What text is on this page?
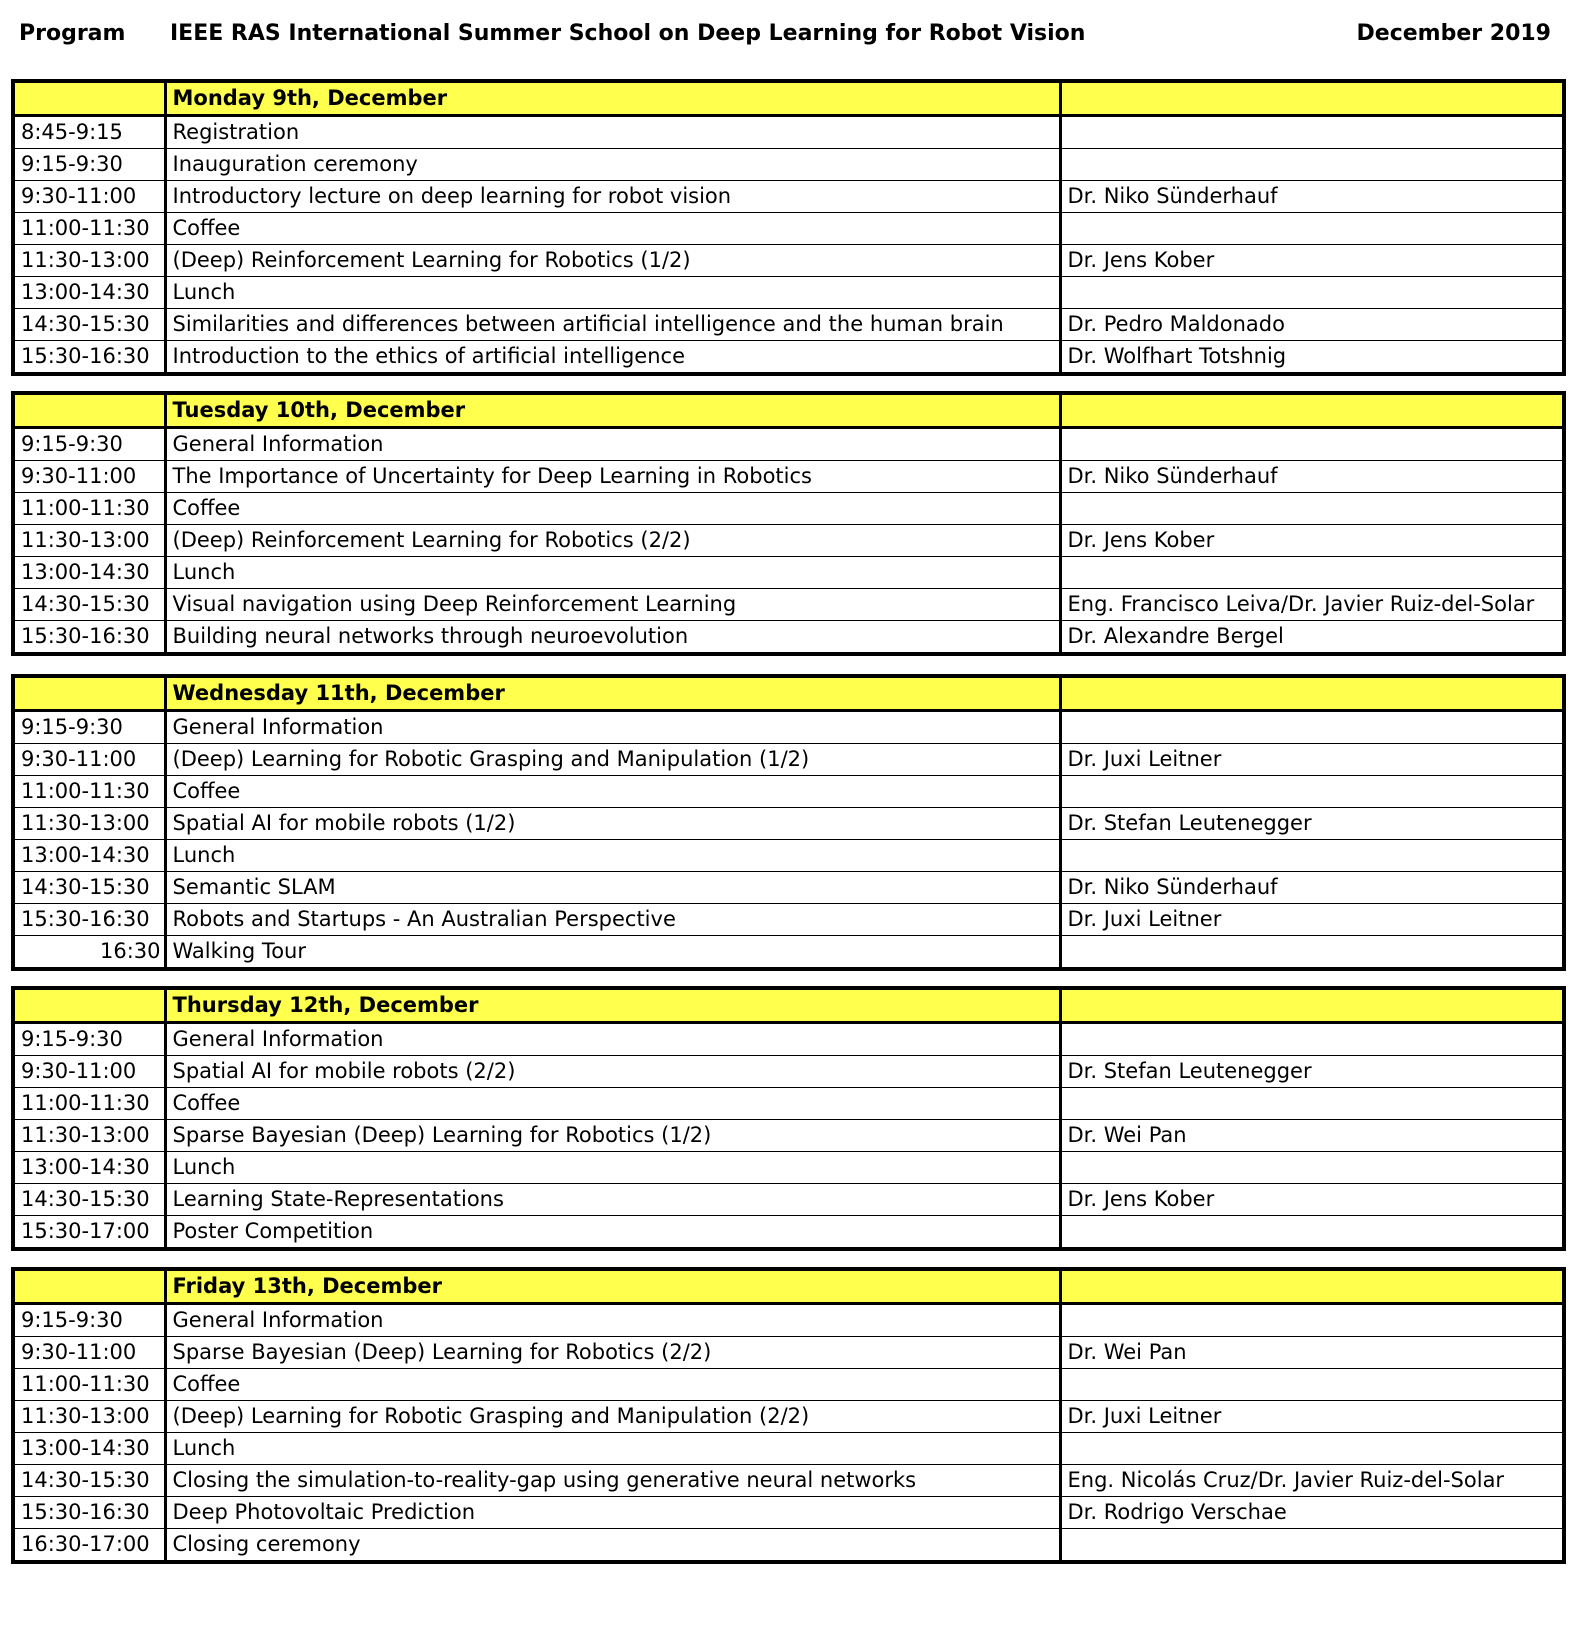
Program IEEE RAS International Summer School on Deep Learning for Robot Vision	December 2019
	Monday 9th, December	
8:45-9:15	Registration	
9:15-9:30	Inauguration ceremony	
9:30-11:00	Introductory lecture on deep learning for robot vision	Dr. Niko Sünderhauf
11:00-11:30	Coffee	
11:30-13:00	(Deep) Reinforcement Learning for Robotics (1/2)	Dr. Jens Kober
13:00-14:30	Lunch	
14:30-15:30	Similarities and differences between artificial intelligence and the human brain	Dr. Pedro Maldonado
15:30-16:30	Introduction to the ethics of artificial intelligence	Dr. Wolfhart Totshnig
	Tuesday 10th, December	
9:15-9:30	General Information	
9:30-11:00	The Importance of Uncertainty for Deep Learning in Robotics	Dr. Niko Sünderhauf
11:00-11:30	Coffee	
11:30-13:00	(Deep) Reinforcement Learning for Robotics (2/2)	Dr. Jens Kober
13:00-14:30	Lunch	
14:30-15:30	Visual navigation using Deep Reinforcement Learning	Eng. Francisco Leiva/Dr. Javier Ruiz-del-Solar
15:30-16:30	Building neural networks through neuroevolution	Dr. Alexandre Bergel
	Wednesday 11th, December	
9:15-9:30	General Information	
9:30-11:00	(Deep) Learning for Robotic Grasping and Manipulation (1/2)	Dr. Juxi Leitner
11:00-11:30	Coffee	
11:30-13:00	Spatial AI for mobile robots (1/2)	Dr. Stefan Leutenegger
13:00-14:30	Lunch	
14:30-15:30	Semantic SLAM	Dr. Niko Sünderhauf
15:30-16:30	Robots and Startups - An Australian Perspective	Dr. Juxi Leitner
16:30	Walking Tour	
	Thursday 12th, December	
9:15-9:30	General Information	
9:30-11:00	Spatial AI for mobile robots (2/2)	Dr. Stefan Leutenegger
11:00-11:30	Coffee	
11:30-13:00	Sparse Bayesian (Deep) Learning for Robotics (1/2)	Dr. Wei Pan
13:00-14:30	Lunch	
14:30-15:30	Learning State-Representations	Dr. Jens Kober
15:30-17:00	Poster Competition	
	Friday 13th, December	
9:15-9:30	General Information	
9:30-11:00	Sparse Bayesian (Deep) Learning for Robotics (2/2)	Dr. Wei Pan
11:00-11:30	Coffee	
11:30-13:00	(Deep) Learning for Robotic Grasping and Manipulation (2/2)	Dr. Juxi Leitner
13:00-14:30	Lunch	
14:30-15:30	Closing the simulation-to-reality-gap using generative neural networks	Eng. Nicolás Cruz/Dr. Javier Ruiz-del-Solar
15:30-16:30	Deep Photovoltaic Prediction	Dr. Rodrigo Verschae
16:30-17:00	Closing ceremony	
